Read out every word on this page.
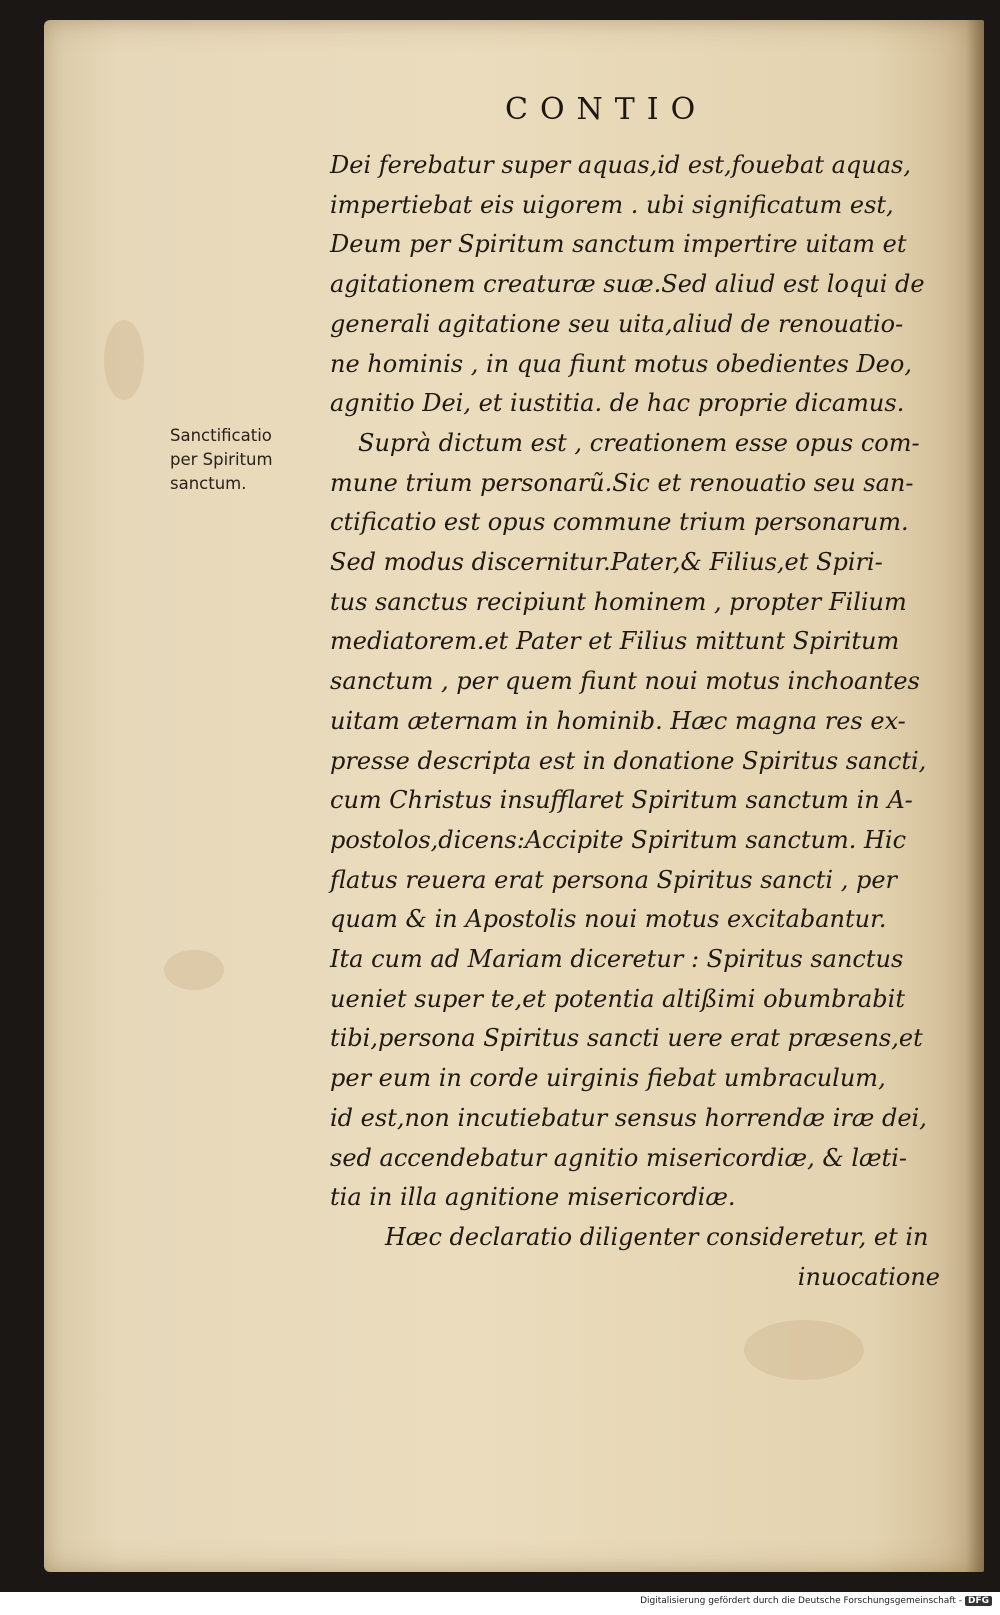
CONTIO
Sanctificatio
per Spiritum
sanctum.
Dei ferebatur super aquas,id est,fouebat aquas,
impertiebat eis uigorem . ubi significatum est,
Deum per Spiritum sanctum impertire uitam et
agitationem creaturæ suæ.Sed aliud est loqui de
generali agitatione seu uita,aliud de renouatio-
ne hominis , in qua fiunt motus obedientes Deo,
agnitio Dei, et iustitia. de hac proprie dicamus.
Suprà dictum est , creationem esse opus com-
mune trium personarũ.Sic et renouatio seu san-
ctificatio est opus commune trium personarum.
Sed modus discernitur.Pater,& Filius,et Spiri-
tus sanctus recipiunt hominem , propter Filium
mediatorem.et Pater et Filius mittunt Spiritum
sanctum , per quem fiunt noui motus inchoantes
uitam æternam in hominib. Hæc magna res ex-
presse descripta est in donatione Spiritus sancti,
cum Christus insufflaret Spiritum sanctum in A-
postolos,dicens:Accipite Spiritum sanctum. Hic
flatus reuera erat persona Spiritus sancti , per
quam & in Apostolis noui motus excitabantur.
Ita cum ad Mariam diceretur : Spiritus sanctus
ueniet super te,et potentia altißimi obumbrabit
tibi,persona Spiritus sancti uere erat præsens,et
per eum in corde uirginis fiebat umbraculum,
id est,non incutiebatur sensus horrendæ iræ dei,
sed accendebatur agnitio misericordiæ, & læti-
tia in illa agnitione misericordiæ.
Hæc declaratio diligenter consideretur, et in
inuocatione
Digitalisierung gefördert durch die Deutsche Forschungsgemeinschaft - DFG
